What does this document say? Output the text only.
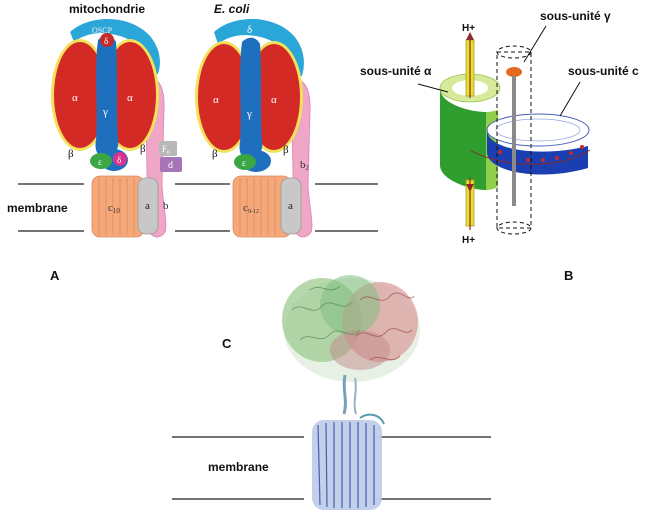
mitochondrie	E. coli
membrane
A
OSCP
δ
α	α
γ
β	β
ε δ
$F_6$
d
c10 a b
δ
α	α
γ
β	β
ε
c9-12	a
b2
B
H+
H+
sous-unité γ
sous-unité α	sous-unité c
C
membrane
